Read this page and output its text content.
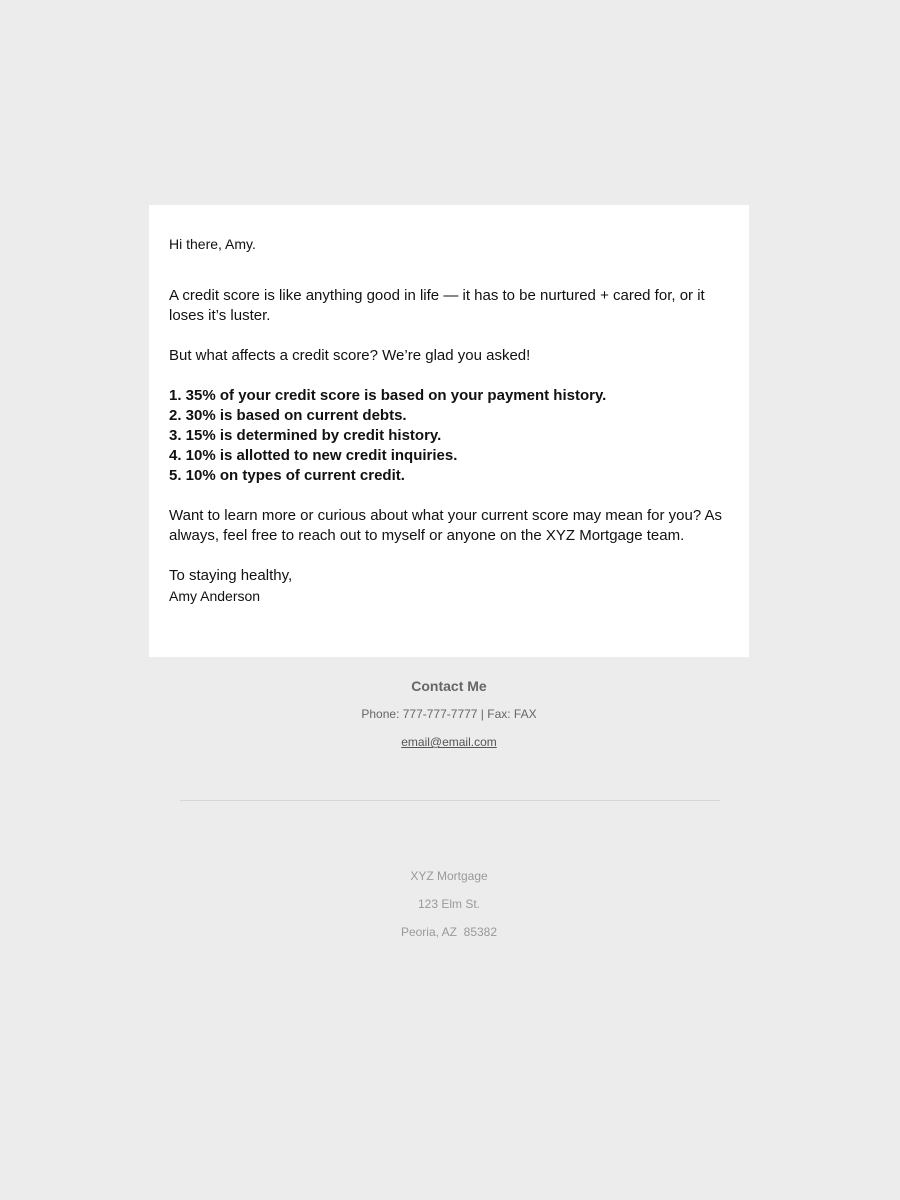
Hi there, Amy.

A credit score is like anything good in life — it has to be nurtured + cared for, or it loses it’s luster.

But what affects a credit score? We’re glad you asked!

1. 35% of your credit score is based on your payment history.
2. 30% is based on current debts.
3. 15% is determined by credit history.
4. 10% is allotted to new credit inquiries.
5. 10% on types of current credit.

Want to learn more or curious about what your current score may mean for you? As always, feel free to reach out to myself or anyone on the XYZ Mortgage team.

To staying healthy,

Amy Anderson

Contact Me
Phone: 777-777-7777 | Fax: FAX
email@email.com
XYZ Mortgage
123 Elm St.
Peoria, AZ  85382
